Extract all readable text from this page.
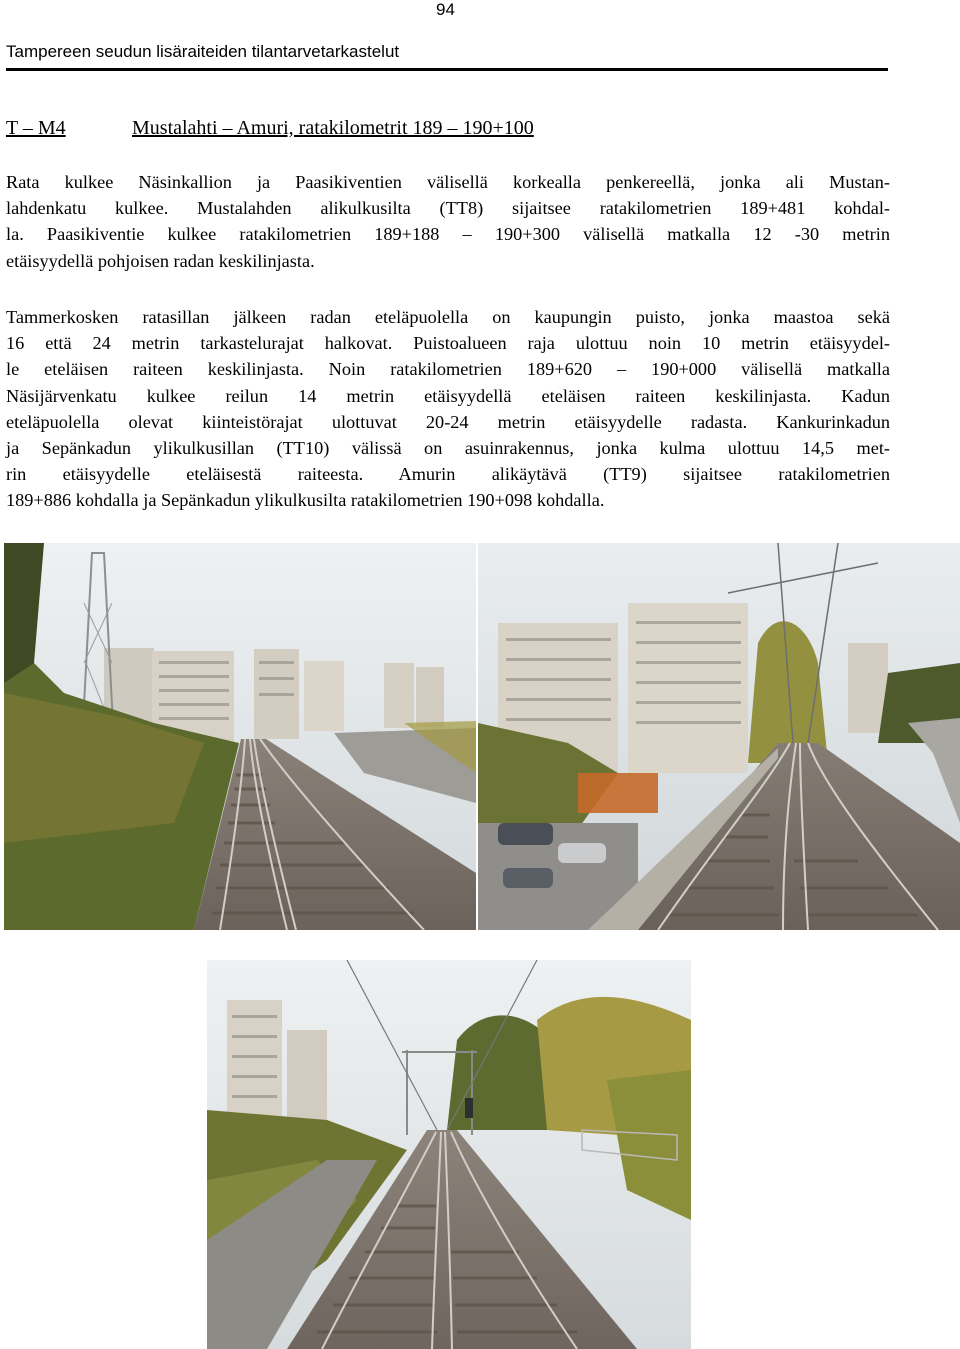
94
Tampereen seudun lisäraiteiden tilantarvetarkastelut
T – M4	Mustalahti – Amuri, ratakilometrit 189 – 190+100

Rata kulkee Näsinkallion ja Paasikiventien välisellä korkealla penkereellä, jonka ali Mustan-
lahdenkatu kulkee. Mustalahden alikulkusilta (TT8) sijaitsee ratakilometrien 189+481 kohdal-
la. Paasikiventie kulkee ratakilometrien 189+188 – 190+300 välisellä matkalla 12 -30 metrin
etäisyydellä pohjoisen radan keskilinjasta.

Tammerkosken ratasillan jälkeen radan eteläpuolella on kaupungin puisto, jonka maastoa sekä
16 että 24 metrin tarkastelurajat halkovat. Puistoalueen raja ulottuu noin 10 metrin etäisyydel-
le eteläisen raiteen keskilinjasta. Noin ratakilometrien 189+620 – 190+000 välisellä matkalla
Näsijärvenkatu kulkee reilun 14 metrin etäisyydellä eteläisen raiteen keskilinjasta. Kadun
eteläpuolella olevat kiinteistörajat ulottuvat 20-24 metrin etäisyydelle radasta. Kankurinkadun
ja Sepänkadun ylikulkusillan (TT10) välissä on asuinrakennus, jonka kulma ulottuu 14,5 met-
rin etäisyydelle eteläisestä raiteesta. Amurin alikäytävä (TT9) sijaitsee ratakilometrien
189+886 kohdalla ja Sepänkadun ylikulkusilta ratakilometrien 190+098 kohdalla.
